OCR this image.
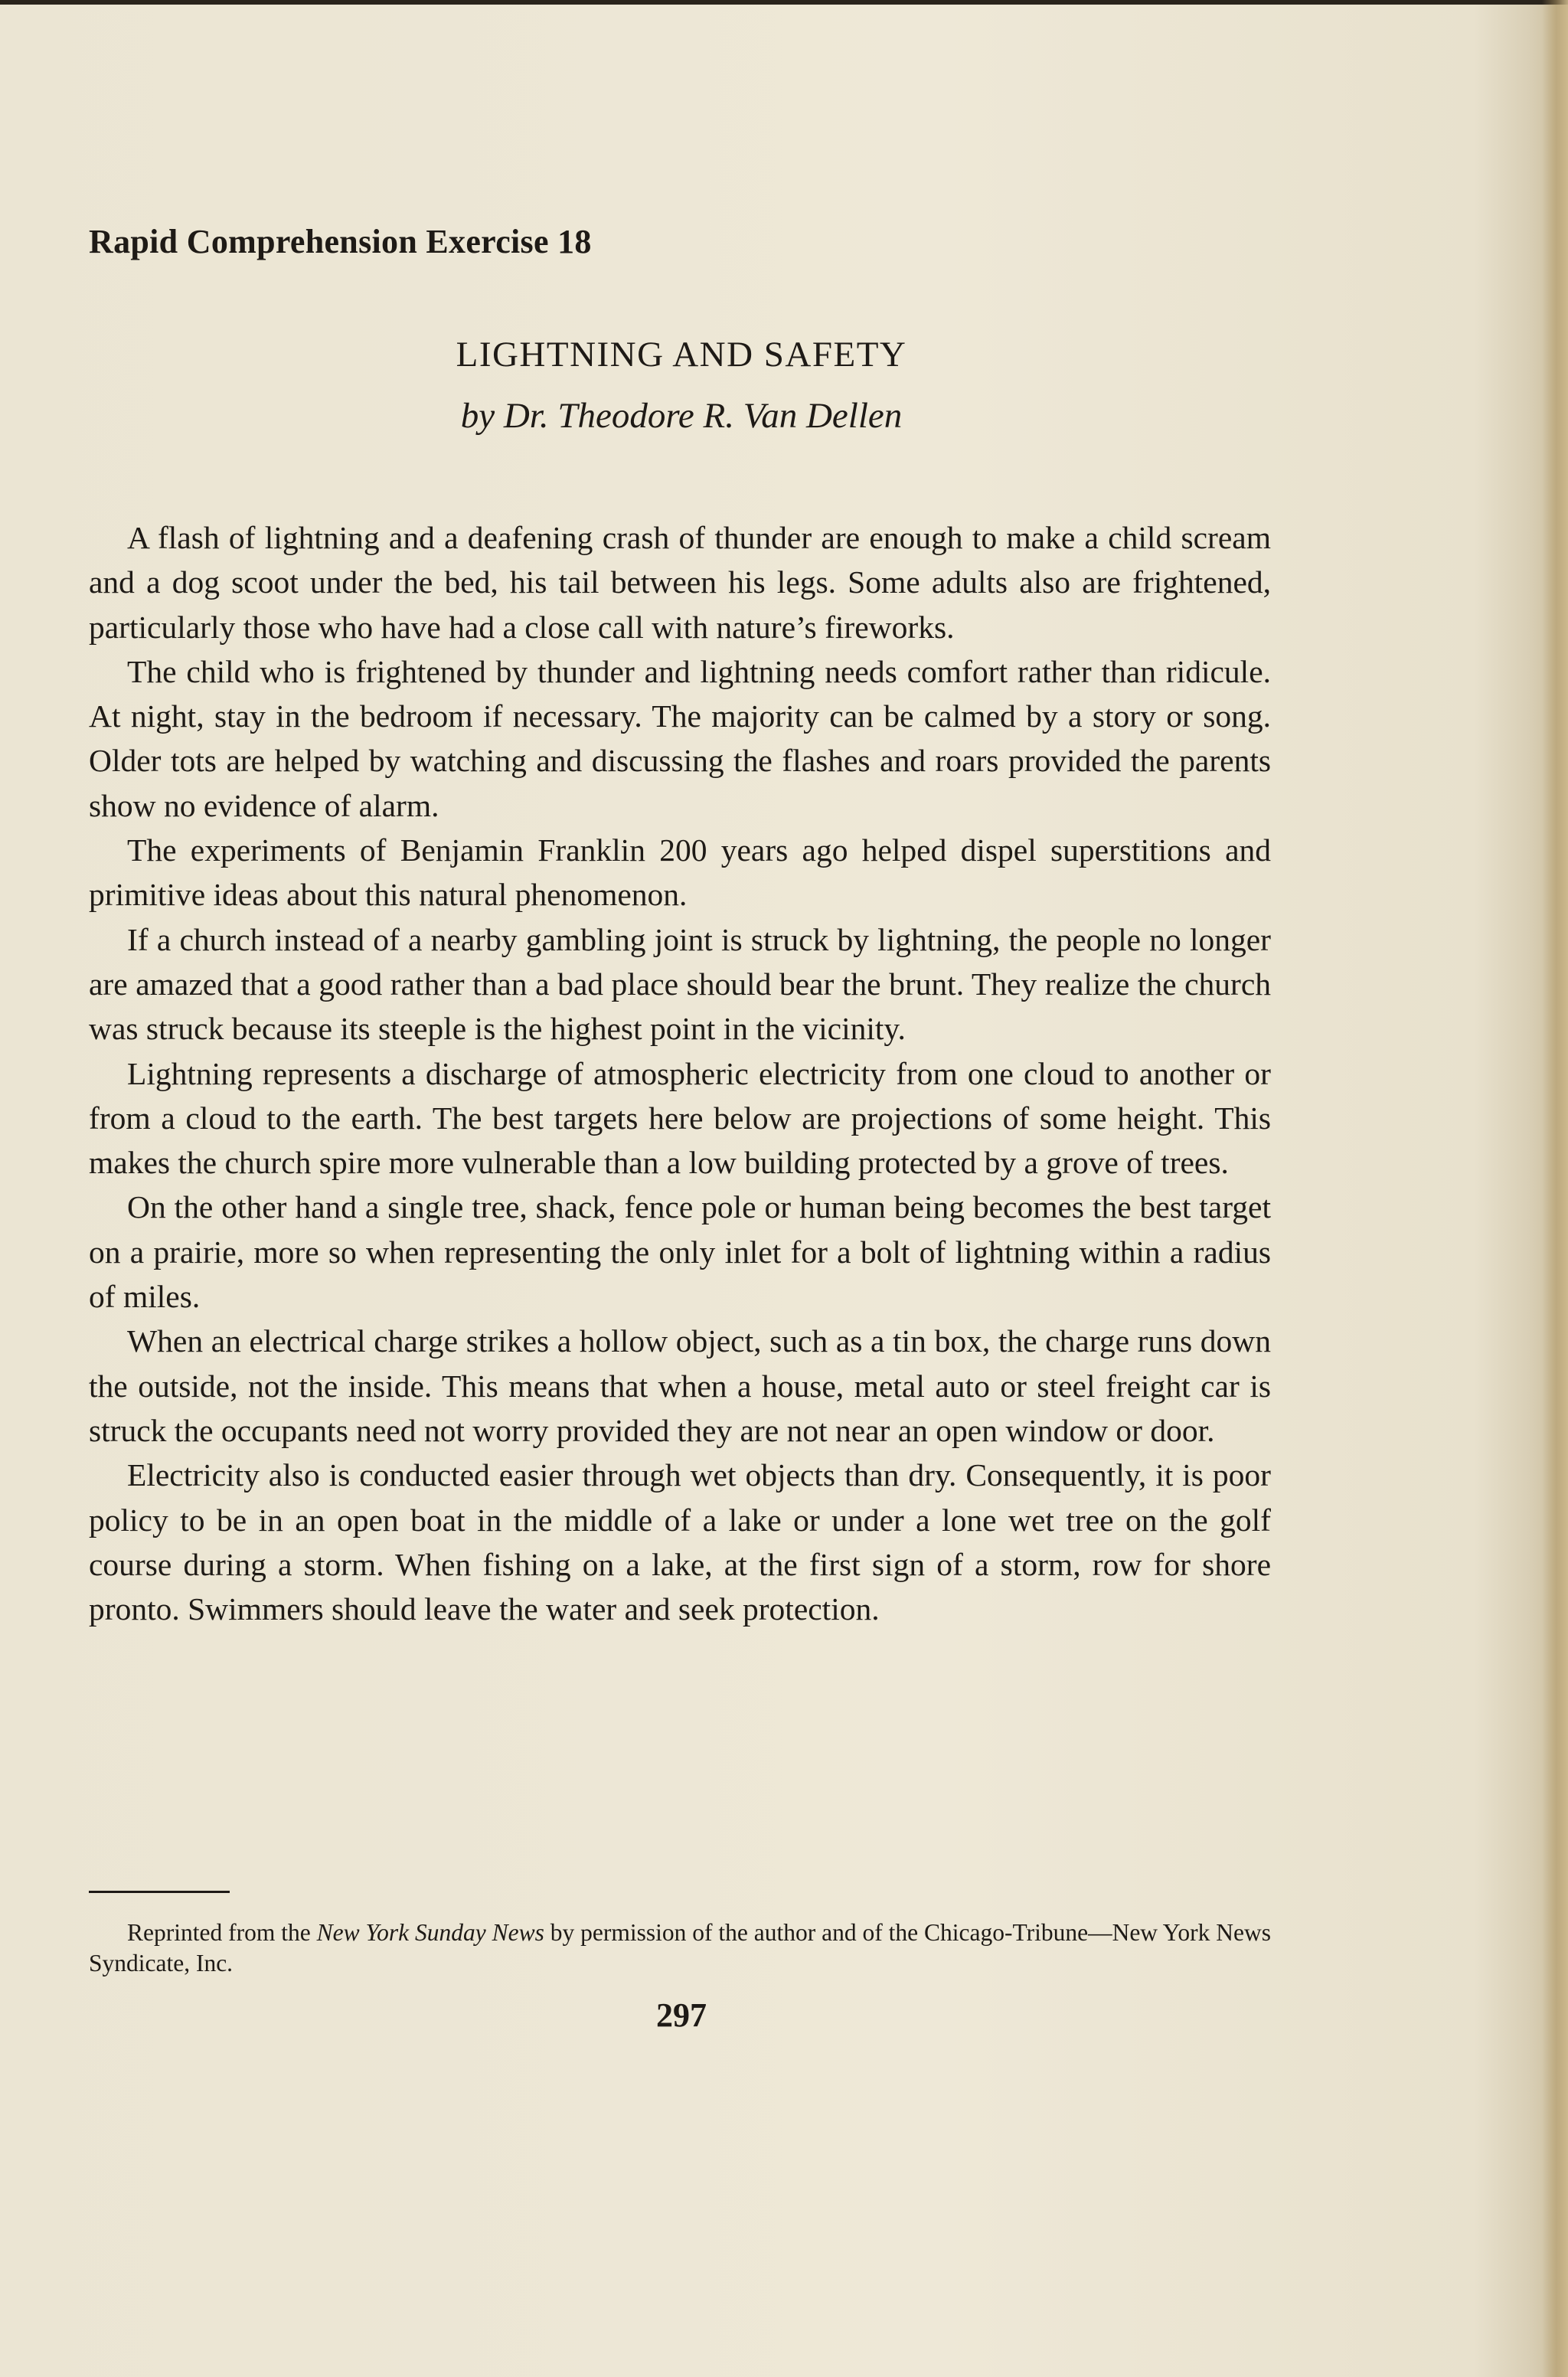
Rapid Comprehension Exercise 18
LIGHTNING AND SAFETY
by Dr. Theodore R. Van Dellen

A flash of lightning and a deafening crash of thunder are enough to make a child scream and a dog scoot under the bed, his tail between his legs. Some adults also are frightened, particularly those who have had a close call with nature’s fireworks.

The child who is frightened by thunder and lightning needs comfort rather than ridicule. At night, stay in the bedroom if necessary. The majority can be calmed by a story or song. Older tots are helped by watching and discussing the flashes and roars provided the parents show no evidence of alarm.

The experiments of Benjamin Franklin 200 years ago helped dispel superstitions and primitive ideas about this natural phenomenon.

If a church instead of a nearby gambling joint is struck by lightning, the people no longer are amazed that a good rather than a bad place should bear the brunt. They realize the church was struck because its steeple is the highest point in the vicinity.

Lightning represents a discharge of atmospheric electricity from one cloud to another or from a cloud to the earth. The best targets here below are projections of some height. This makes the church spire more vulnerable than a low building protected by a grove of trees.

On the other hand a single tree, shack, fence pole or human being becomes the best target on a prairie, more so when representing the only inlet for a bolt of lightning within a radius of miles.

When an electrical charge strikes a hollow object, such as a tin box, the charge runs down the outside, not the inside. This means that when a house, metal auto or steel freight car is struck the occupants need not worry provided they are not near an open window or door.

Electricity also is conducted easier through wet objects than dry. Consequently, it is poor policy to be in an open boat in the middle of a lake or under a lone wet tree on the golf course during a storm. When fishing on a lake, at the first sign of a storm, row for shore pronto. Swimmers should leave the water and seek protection.

Reprinted from the New York Sunday News by permission of the author and of the Chicago-Tribune—New York News Syndicate, Inc.
297
